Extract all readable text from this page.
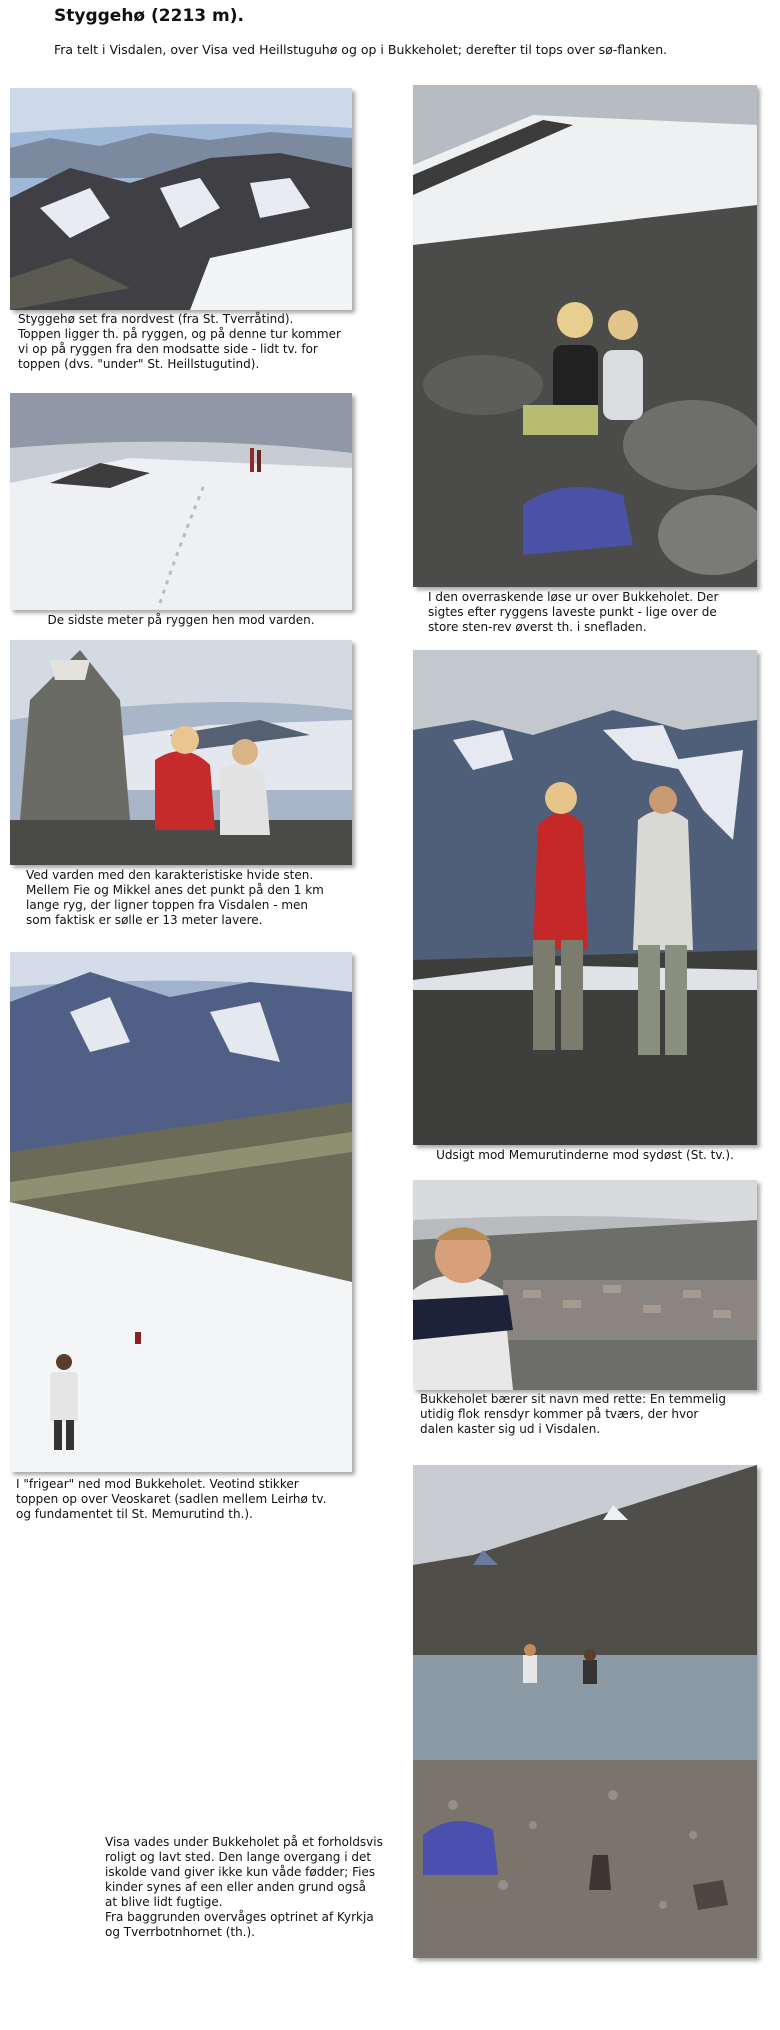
Styggehø (2213 m).
Fra telt i Visdalen, over Visa ved Heillstuguhø og op i Bukkeholet; derefter til tops over sø-flanken.
Styggehø set fra nordvest (fra St. Tverråtind).
Toppen ligger th. på ryggen, og på denne tur kommer
vi op på ryggen fra den modsatte side - lidt tv. for
toppen (dvs. "under" St. Heillstugutind).
I den overraskende løse ur over Bukkeholet. Der
sigtes efter ryggens laveste punkt - lige over de
store sten-rev øverst th. i snefladen.
De sidste meter på ryggen hen mod varden.
Ved varden med den karakteristiske hvide sten.
Mellem Fie og Mikkel anes det punkt på den 1 km
lange ryg, der ligner toppen fra Visdalen - men
som faktisk er sølle er 13 meter lavere.
Udsigt mod Memurutinderne mod sydøst (St. tv.).
I "frigear" ned mod Bukkeholet. Veotind stikker
toppen op over Veoskaret (sadlen mellem Leirhø tv.
og fundamentet til St. Memurutind th.).
Bukkeholet bærer sit navn med rette: En temmelig
utidig flok rensdyr kommer på tværs, der hvor
dalen kaster sig ud i Visdalen.
Visa vades under Bukkeholet på et forholdsvis
roligt og lavt sted. Den lange overgang i det
iskolde vand giver ikke kun våde fødder; Fies
kinder synes af een eller anden grund også
at blive lidt fugtige.
Fra baggrunden overvåges optrinet af Kyrkja
og Tverrbotnhornet (th.).
